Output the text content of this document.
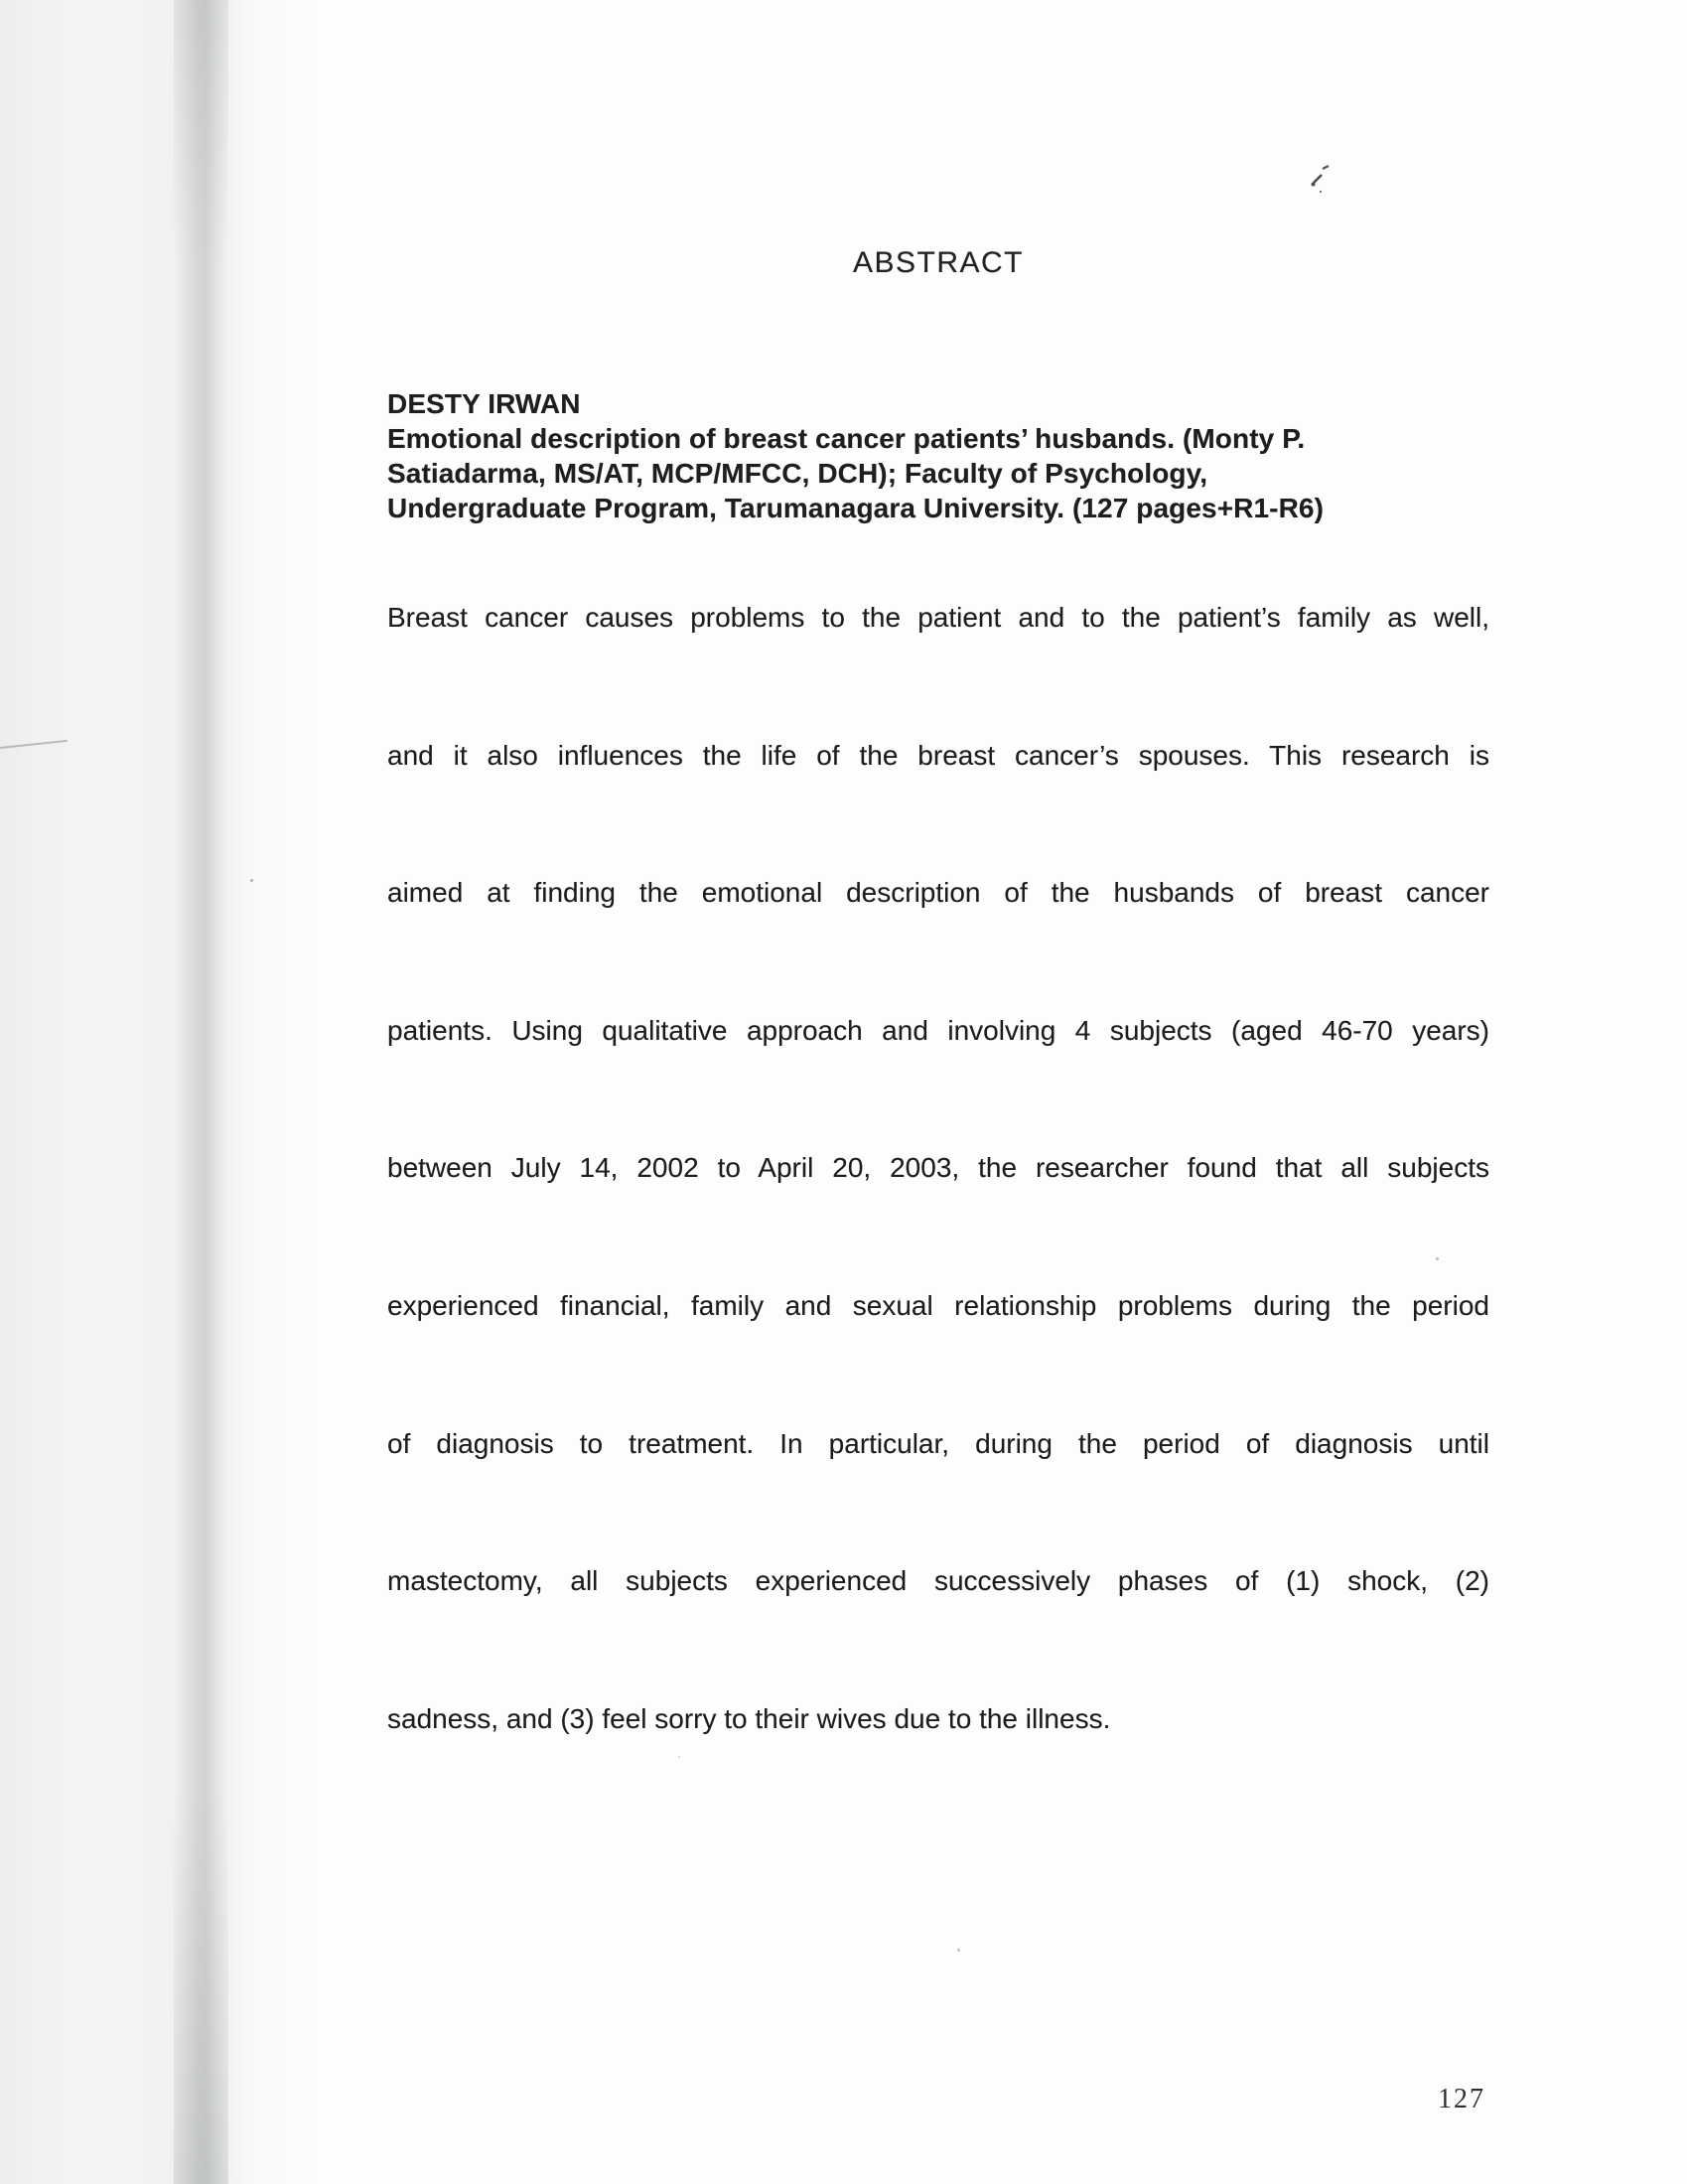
ABSTRACT
DESTY IRWAN
Emotional description of breast cancer patients’ husbands. (Monty P.
Satiadarma, MS/AT, MCP/MFCC, DCH); Faculty of Psychology,
Undergraduate Program, Tarumanagara University. (127 pages+R1-R6)
Breast cancer causes problems to the patient and to the patient’s family as well,
and it also influences the life of the breast cancer’s spouses. This research is
aimed at finding the emotional description of the husbands of breast cancer
patients. Using qualitative approach and involving 4 subjects (aged 46-70 years)
between July 14, 2002 to April 20, 2003, the researcher found that all subjects
experienced financial, family and sexual relationship problems during the period
of diagnosis to treatment. In particular, during the period of diagnosis until
mastectomy, all subjects experienced successively phases of (1) shock, (2)
sadness, and (3) feel sorry to their wives due to the illness.
127
